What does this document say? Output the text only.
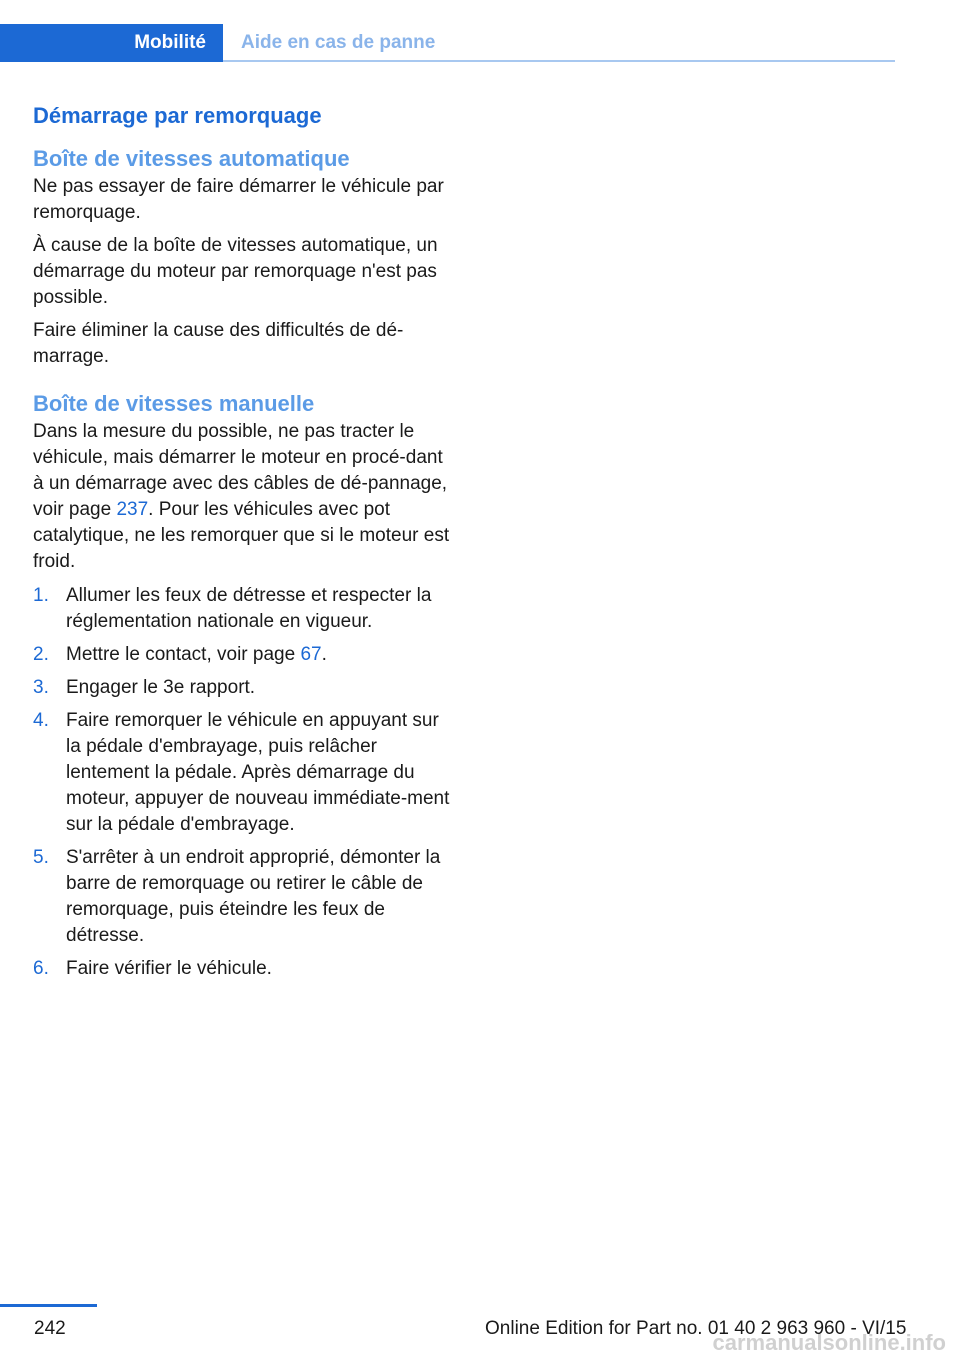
Mobilité Aide en cas de panne
Démarrage par remorquage
Boîte de vitesses automatique

Ne pas essayer de faire démarrer le véhicule par remorquage.

À cause de la boîte de vitesses automatique, un démarrage du moteur par remorquage n'est pas possible.

Faire éliminer la cause des difficultés de dé‐marrage.

Boîte de vitesses manuelle

Dans la mesure du possible, ne pas tracter le véhicule, mais démarrer le moteur en procé‐dant à un démarrage avec des câbles de dé‐pannage, voir page 237. Pour les véhicules avec pot catalytique, ne les remorquer que si le moteur est froid.

1. Allumer les feux de détresse et respecter la réglementation nationale en vigueur.
2. Mettre le contact, voir page 67.
3. Engager le 3e rapport.
4. Faire remorquer le véhicule en appuyant sur la pédale d'embrayage, puis relâcher lentement la pédale. Après démarrage du moteur, appuyer de nouveau immédiate‐ment sur la pédale d'embrayage.
5. S'arrêter à un endroit approprié, démonter la barre de remorquage ou retirer le câble de remorquage, puis éteindre les feux de détresse.
6. Faire vérifier le véhicule.
242	Online Edition for Part no. 01 40 2 963 960 - VI/15
carmanualsonline.info
